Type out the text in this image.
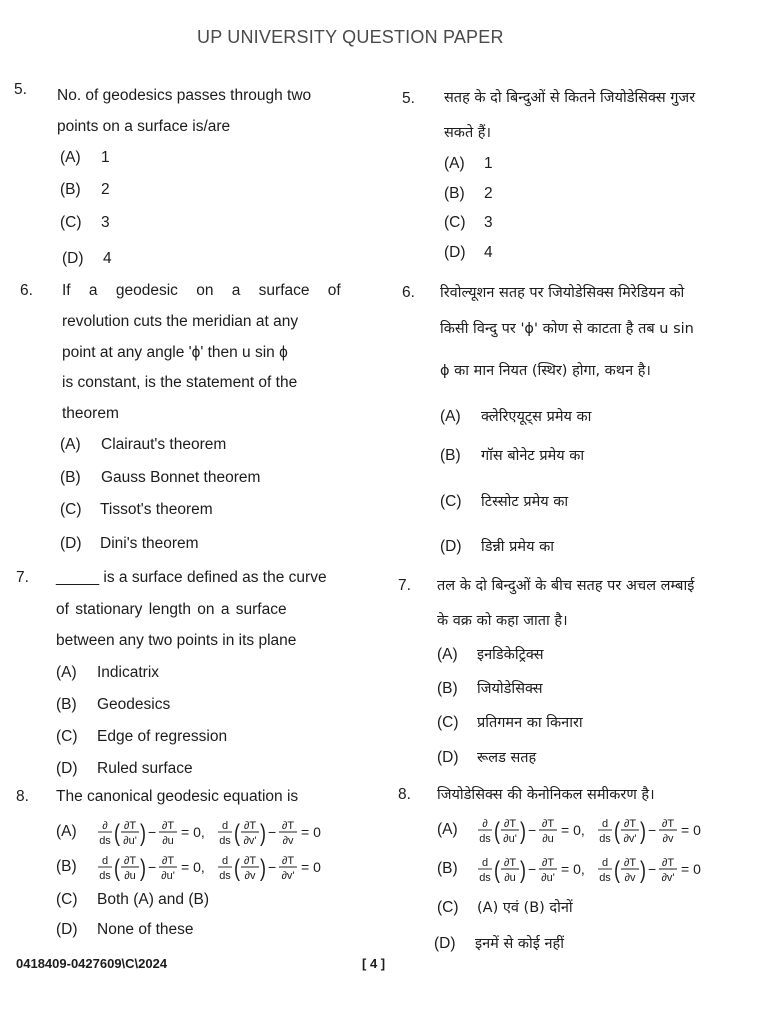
UP UNIVERSITY QUESTION PAPER
5. No. of geodesics passes through two
points on a surface is/are
(A) 1
(B) 2
(C) 3
(D) 4
6. If a geodesic on a surface of
revolution cuts the meridian at any
point at any angle 'ϕ' then u sin ϕ
is constant, is the statement of the
theorem
(A) Clairaut's theorem
(B) Gauss Bonnet theorem
(C) Tissot's theorem
(D) Dini's theorem
7. _____ is a surface defined as the curve
of stationary length on a surface
between any two points in its plane
(A) Indicatrix
(B) Geodesics
(C) Edge of regression
(D) Ruled surface
8. The canonical geodesic equation is
(A) ∂
ds ( ∂T
∂u' ) − ∂T
∂u
= 0, d
ds ( ∂T
∂v' ) − ∂T
∂v
= 0
(B) d
ds ( ∂T
∂u ) − ∂T
∂u'
= 0, d
ds ( ∂T
∂v ) − ∂T
∂v'
= 0
(C) Both (A) and (B)
(D) None of these
5. सतह के दो बिन्दुओं से कितने जियोडेसिक्स गुजर
सकते हैं।
(A) 1
(B) 2
(C) 3
(D) 4
6. रिवोल्यूशन सतह पर जियोडेसिक्स मिरेडियन को
किसी विन्दु पर 'ϕ' कोण से काटता है तब u sin
ϕ का मान नियत (स्थिर) होगा, कथन है।
(A) क्लेरिएयूट्स प्रमेय का
(B) गॉस बोनेट प्रमेय का
(C) टिस्सोट प्रमेय का
(D) डिन्नी प्रमेय का
7. तल के दो बिन्दुओं के बीच सतह पर अचल लम्बाई
के वक्र को कहा जाता है।
(A) इनडिकेट्रिक्स
(B) जियोडेसिक्स
(C) प्रतिगमन का किनारा
(D) रूलड सतह
8. जियोडेसिक्स की केनोनिकल समीकरण है।
(A) ∂
ds ( ∂T
∂u' ) − ∂T
∂u
= 0, d
ds ( ∂T
∂v' ) − ∂T
∂v
= 0
(B) d
ds ( ∂T
∂u ) − ∂T
∂u'
= 0, d
ds ( ∂T
∂v ) − ∂T
∂v'
= 0
(C) (A) एवं (B) दोनों
(D) इनमें से कोई नहीं
0418409-0427609\C\2024	[ 4 ]
